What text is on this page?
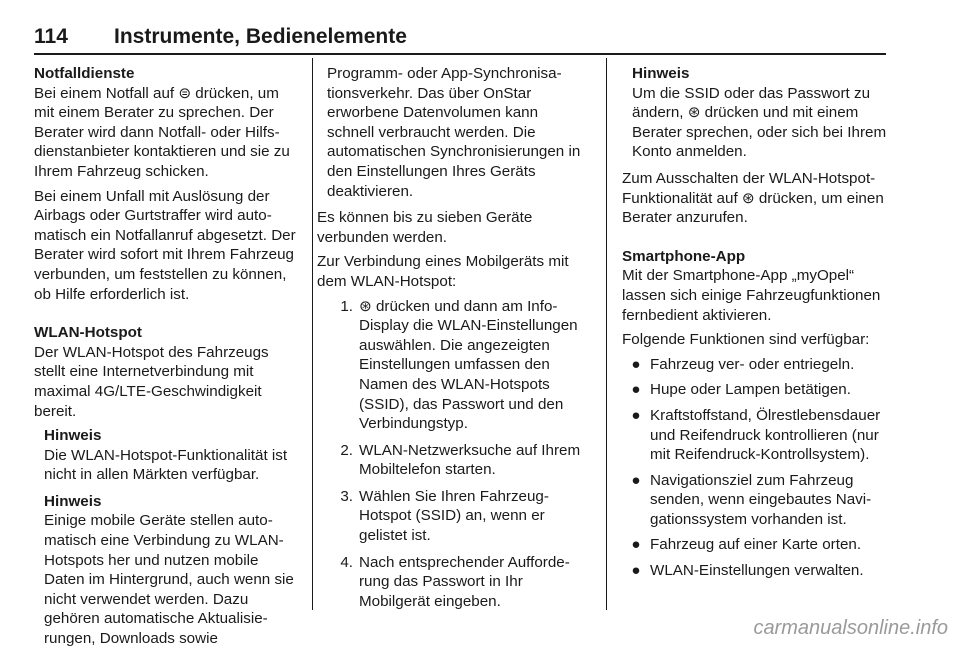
114	Instrumente, Bedienelemente
Notfalldienste

Bei einem Notfall auf ⊜ drücken, um mit einem Berater zu sprechen. Der Berater wird dann Notfall- oder Hilfsdienstanbieter kontaktieren und sie zu Ihrem Fahrzeug schicken.

Bei einem Unfall mit Auslösung der Airbags oder Gurtstraffer wird automatisch ein Notfallanruf abgesetzt. Der Berater wird sofort mit Ihrem Fahrzeug verbunden, um feststellen zu können, ob Hilfe erforderlich ist.

WLAN-Hotspot

Der WLAN-Hotspot des Fahrzeugs stellt eine Internetverbindung mit maximal 4G/LTE-Geschwindigkeit bereit.

Hinweis
Die WLAN-Hotspot-Funktionalität ist nicht in allen Märkten verfügbar.
Hinweis
Einige mobile Geräte stellen automatisch eine Verbindung zu WLAN-Hotspots her und nutzen mobile Daten im Hintergrund, auch wenn sie nicht verwendet werden. Dazu gehören automatische Aktualisierungen, Downloads sowie
Programm- oder App-Synchronisationsverkehr. Das über OnStar erworbene Datenvolumen kann schnell verbraucht werden. Die automatischen Synchronisierungen in den Einstellungen Ihres Geräts deaktivieren.

Es können bis zu sieben Geräte verbunden werden.

Zur Verbindung eines Mobilgeräts mit dem WLAN-Hotspot:

1. ⊛ drücken und dann am Info-Display die WLAN-Einstellungen auswählen. Die angezeigten Einstellungen umfassen den Namen des WLAN-Hotspots (SSID), das Passwort und den Verbindungstyp.
2. WLAN-Netzwerksuche auf Ihrem Mobiltelefon starten.
3. Wählen Sie Ihren Fahrzeug-Hotspot (SSID) an, wenn er gelistet ist.
4. Nach entsprechender Aufforderung das Passwort in Ihr Mobilgerät eingeben.
Hinweis
Um die SSID oder das Passwort zu ändern, ⊛ drücken und mit einem Berater sprechen, oder sich bei Ihrem Konto anmelden.

Zum Ausschalten der WLAN-Hotspot-Funktionalität auf ⊛ drücken, um einen Berater anzurufen.

Smartphone-App

Mit der Smartphone-App „myOpel“ lassen sich einige Fahrzeugfunktionen fernbedient aktivieren.

Folgende Funktionen sind verfügbar:

● Fahrzeug ver- oder entriegeln.
● Hupe oder Lampen betätigen.
● Kraftstoffstand, Ölrestlebensdauer und Reifendruck kontrollieren (nur mit Reifendruck-Kontrollsystem).
● Navigationsziel zum Fahrzeug senden, wenn eingebautes Navigationssystem vorhanden ist.
● Fahrzeug auf einer Karte orten.
● WLAN-Einstellungen verwalten.
carmanualsonline.info
